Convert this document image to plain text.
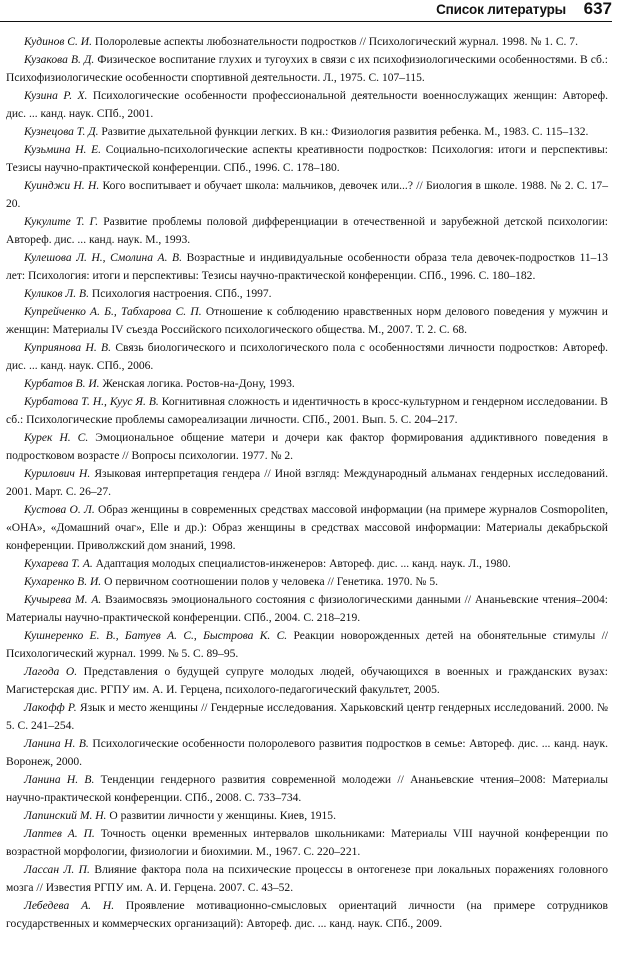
Список литературы 637

Кудинов С. И. Полоролевые аспекты любознательности подростков // Психологический журнал. 1998. № 1. С. 7.

Кузакова В. Д. Физическое воспитание глухих и тугоухих в связи с их психофизиологическими особенностями. В сб.: Психофизиологические особенности спортивной деятельности. Л., 1975. С. 107–115.

Кузина Р. Х. Психологические особенности профессиональной деятельности военнослужащих женщин: Автореф. дис. ... канд. наук. СПб., 2001.

Кузнецова Т. Д. Развитие дыхательной функции легких. В кн.: Физиология развития ребенка. М., 1983. С. 115–132.

Кузьмина Н. Е. Социально-психологические аспекты креативности подростков: Психология: итоги и перспективы: Тезисы научно-практической конференции. СПб., 1996. С. 178–180.

Куинджи Н. Н. Кого воспитывает и обучает школа: мальчиков, девочек или...? // Биология в школе. 1988. № 2. С. 17–20.

Кукулите Т. Г. Развитие проблемы половой дифференциации в отечественной и зарубежной детской психологии: Автореф. дис. ... канд. наук. М., 1993.

Кулешова Л. Н., Смолина А. В. Возрастные и индивидуальные особенности образа тела девочек-подростков 11–13 лет: Психология: итоги и перспективы: Тезисы научно-практической конференции. СПб., 1996. С. 180–182.

Куликов Л. В. Психология настроения. СПб., 1997.

Купрейченко А. Б., Табхарова С. П. Отношение к соблюдению нравственных норм делового поведения у мужчин и женщин: Материалы IV съезда Российского психологического общества. М., 2007. Т. 2. С. 68.

Куприянова Н. В. Связь биологического и психологического пола с особенностями личности подростков: Автореф. дис. ... канд. наук. СПб., 2006.

Курбатов В. И. Женская логика. Ростов-на-Дону, 1993.

Курбатова Т. Н., Куус Я. В. Когнитивная сложность и идентичность в кросс-культурном и гендерном исследовании. В сб.: Психологические проблемы самореализации личности. СПб., 2001. Вып. 5. С. 204–217.

Курек Н. С. Эмоциональное общение матери и дочери как фактор формирования аддиктивного поведения в подростковом возрасте // Вопросы психологии. 1977. № 2.

Курилович Н. Языковая интерпретация гендера // Иной взгляд: Международный альманах гендерных исследований. 2001. Март. С. 26–27.

Кустова О. Л. Образ женщины в современных средствах массовой информации (на примере журналов Cosmopoliten, «ОНА», «Домашний очаг», Elle и др.): Образ женщины в средствах массовой информации: Материалы декабрьской конференции. Приволжский дом знаний, 1998.

Кухарева Т. А. Адаптация молодых специалистов-инженеров: Автореф. дис. ... канд. наук. Л., 1980.

Кухаренко В. И. О первичном соотношении полов у человека // Генетика. 1970. № 5.

Кучырева М. А. Взаимосвязь эмоционального состояния с физиологическими данными // Ананьевские чтения–2004: Материалы научно-практической конференции. СПб., 2004. С. 218–219.

Кушнеренко Е. В., Батуев А. С., Быстрова К. С. Реакции новорожденных детей на обонятельные стимулы // Психологический журнал. 1999. № 5. С. 89–95.

Лагода О. Представления о будущей супруге молодых людей, обучающихся в военных и гражданских вузах: Магистерская дис. РГПУ им. А. И. Герцена, психолого-педагогический факультет, 2005.

Лакофф Р. Язык и место женщины // Гендерные исследования. Харьковский центр гендерных исследований. 2000. № 5. С. 241–254.

Ланина Н. В. Психологические особенности полоролевого развития подростков в семье: Автореф. дис. ... канд. наук. Воронеж, 2000.

Ланина Н. В. Тенденции гендерного развития современной молодежи // Ананьевские чтения–2008: Материалы научно-практической конференции. СПб., 2008. С. 733–734.

Лапинский М. Н. О развитии личности у женщины. Киев, 1915.

Лаптев А. П. Точность оценки временных интервалов школьниками: Материалы VIII научной конференции по возрастной морфологии, физиологии и биохимии. М., 1967. С. 220–221.

Лассан Л. П. Влияние фактора пола на психические процессы в онтогенезе при локальных поражениях головного мозга // Известия РГПУ им. А. И. Герцена. 2007. С. 43–52.

Лебедева А. Н. Проявление мотивационно-смысловых ориентаций личности (на примере сотрудников государственных и коммерческих организаций): Автореф. дис. ... канд. наук. СПб., 2009.
